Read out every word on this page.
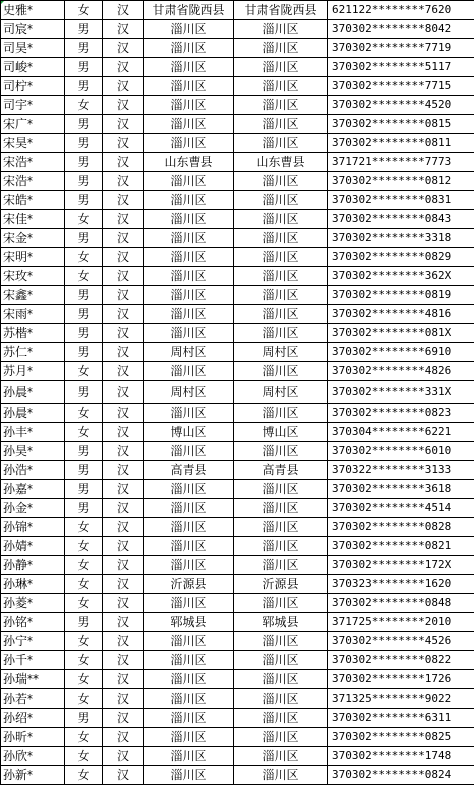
史雅*	女	汉	甘肃省陇西县	甘肃省陇西县	621122********7620
司宸*	男	汉	淄川区	淄川区	370302********8042
司昊*	男	汉	淄川区	淄川区	370302********7719
司峻*	男	汉	淄川区	淄川区	370302********5117
司柠*	男	汉	淄川区	淄川区	370302********7715
司宇*	女	汉	淄川区	淄川区	370302********4520
宋广*	男	汉	淄川区	淄川区	370302********0815
宋昊*	男	汉	淄川区	淄川区	370302********0811
宋浩*	男	汉	山东曹县	山东曹县	371721********7773
宋浩*	男	汉	淄川区	淄川区	370302********0812
宋皓*	男	汉	淄川区	淄川区	370302********0831
宋佳*	女	汉	淄川区	淄川区	370302********0843
宋金*	男	汉	淄川区	淄川区	370302********3318
宋明*	女	汉	淄川区	淄川区	370302********0829
宋玫*	女	汉	淄川区	淄川区	370302********362X
宋鑫*	男	汉	淄川区	淄川区	370302********0819
宋雨*	男	汉	淄川区	淄川区	370302********4816
苏楷*	男	汉	淄川区	淄川区	370302********081X
苏仁*	男	汉	周村区	周村区	370302********6910
苏月*	女	汉	淄川区	淄川区	370302********4826
孙晨*	男	汉	周村区	周村区	370302********331X
孙晨*	女	汉	淄川区	淄川区	370302********0823
孙丰*	女	汉	博山区	博山区	370304********6221
孙昊*	男	汉	淄川区	淄川区	370302********6010
孙浩*	男	汉	高青县	高青县	370322********3133
孙嘉*	男	汉	淄川区	淄川区	370302********3618
孙金*	男	汉	淄川区	淄川区	370302********4514
孙锦*	女	汉	淄川区	淄川区	370302********0828
孙婧*	女	汉	淄川区	淄川区	370302********0821
孙静*	女	汉	淄川区	淄川区	370302********172X
孙琳*	女	汉	沂源县	沂源县	370323********1620
孙菱*	女	汉	淄川区	淄川区	370302********0848
孙铭*	男	汉	郓城县	郓城县	371725********2010
孙宁*	女	汉	淄川区	淄川区	370302********4526
孙千*	女	汉	淄川区	淄川区	370302********0822
孙瑞**	女	汉	淄川区	淄川区	370302********1726
孙若*	女	汉	淄川区	淄川区	371325********9022
孙绍*	男	汉	淄川区	淄川区	370302********6311
孙昕*	女	汉	淄川区	淄川区	370302********0825
孙欣*	女	汉	淄川区	淄川区	370302********1748
孙新*	女	汉	淄川区	淄川区	370302********0824
